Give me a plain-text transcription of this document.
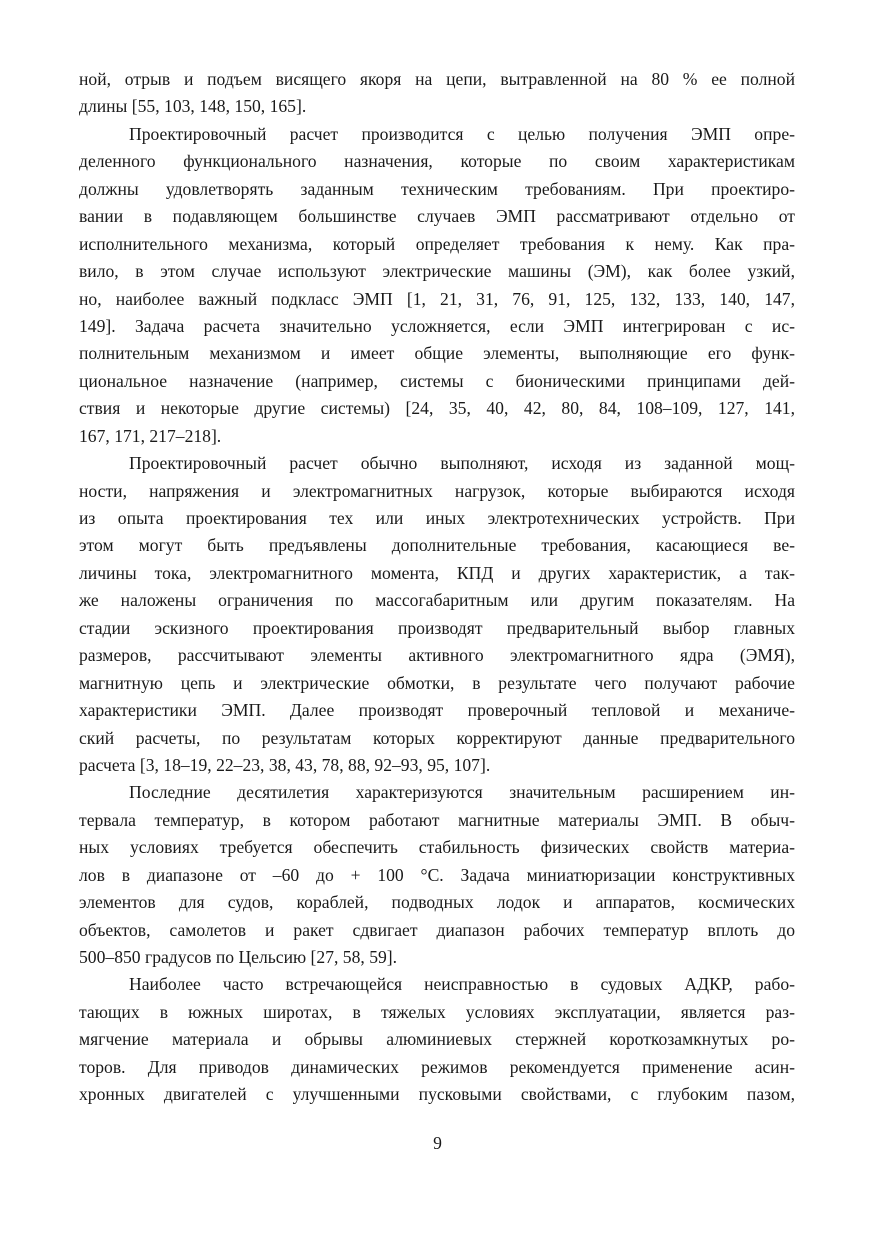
ной, отрыв и подъем висящего якоря на цепи, вытравленной на 80 % ее полной
длины [55, 103, 148, 150, 165].
Проектировочный расчет производится с целью получения ЭМП опре-
деленного функционального назначения, которые по своим характеристикам
должны удовлетворять заданным техническим требованиям. При проектиро-
вании в подавляющем большинстве случаев ЭМП рассматривают отдельно от
исполнительного механизма, который определяет требования к нему. Как пра-
вило, в этом случае используют электрические машины (ЭМ), как более узкий,
но, наиболее важный подкласс ЭМП [1, 21, 31, 76, 91, 125, 132, 133, 140, 147,
149]. Задача расчета значительно усложняется, если ЭМП интегрирован с ис-
полнительным механизмом и имеет общие элементы, выполняющие его функ-
циональное назначение (например, системы с бионическими принципами дей-
ствия и некоторые другие системы) [24, 35, 40, 42, 80, 84, 108–109, 127, 141,
167, 171, 217–218].
Проектировочный расчет обычно выполняют, исходя из заданной мощ-
ности, напряжения и электромагнитных нагрузок, которые выбираются исходя
из опыта проектирования тех или иных электротехнических устройств. При
этом могут быть предъявлены дополнительные требования, касающиеся ве-
личины тока, электромагнитного момента, КПД и других характеристик, а так-
же наложены ограничения по массогабаритным или другим показателям. На
стадии эскизного проектирования производят предварительный выбор главных
размеров, рассчитывают элементы активного электромагнитного ядра (ЭМЯ),
магнитную цепь и электрические обмотки, в результате чего получают рабочие
характеристики ЭМП. Далее производят проверочный тепловой и механиче-
ский расчеты, по результатам которых корректируют данные предварительного
расчета [3, 18–19, 22–23, 38, 43, 78, 88, 92–93, 95, 107].
Последние десятилетия характеризуются значительным расширением ин-
тервала температур, в котором работают магнитные материалы ЭМП. В обыч-
ных условиях требуется обеспечить стабильность физических свойств материа-
лов в диапазоне от –60 до + 100 °С. Задача миниатюризации конструктивных
элементов для судов, кораблей, подводных лодок и аппаратов, космических
объектов, самолетов и ракет сдвигает диапазон рабочих температур вплоть до
500–850 градусов по Цельсию [27, 58, 59].
Наиболее часто встречающейся неисправностью в судовых АДКР, рабо-
тающих в южных широтах, в тяжелых условиях эксплуатации, является раз-
мягчение материала и обрывы алюминиевых стержней короткозамкнутых ро-
торов. Для приводов динамических режимов рекомендуется применение асин-
хронных двигателей с улучшенными пусковыми свойствами, с глубоким пазом,
9
